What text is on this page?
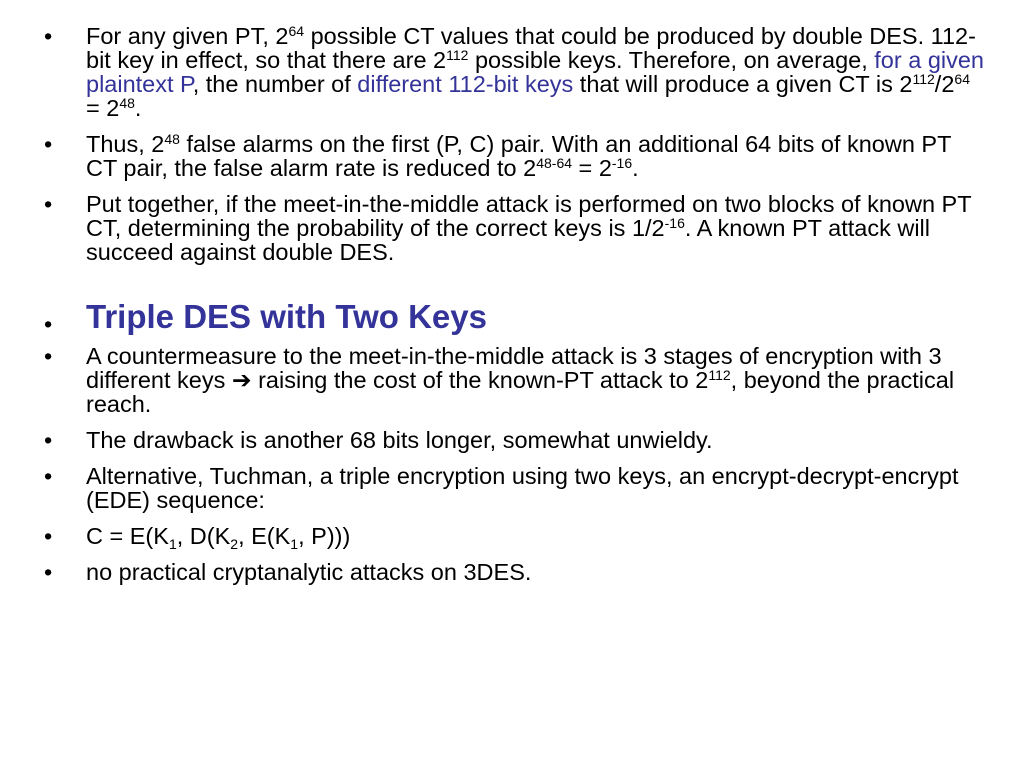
• For any given PT, $2^{64}$ possible CT values that could be produced by double DES. 112-bit key in effect, so that there are $2^{112}$ possible keys. Therefore, on average, for a given plaintext P, the number of different 112-bit keys that will produce a given CT is $2^{112}/2^{64} = 2^{48}$.
• Thus, $2^{48}$ false alarms on the first (P, C) pair. With an additional 64 bits of known PT CT pair, the false alarm rate is reduced to $2^{48-64} = 2^{-16}$.
• Put together, if the meet-in-the-middle attack is performed on two blocks of known PT CT, determining the probability of the correct keys is $1/2^{-16}$. A known PT attack will succeed against double DES.
• Triple DES with Two Keys
• A countermeasure to the meet-in-the-middle attack is 3 stages of encryption with 3 different keys ➔ raising the cost of the known-PT attack to $2^{112}$, beyond the practical reach.
• The drawback is another 68 bits longer, somewhat unwieldy.
• Alternative, Tuchman, a triple encryption using two keys, an encrypt-decrypt-encrypt (EDE) sequence:
• $C = E(K_1$, $D(K_2$, $E(K_1$, P)))
• no practical cryptanalytic attacks on 3DES.
